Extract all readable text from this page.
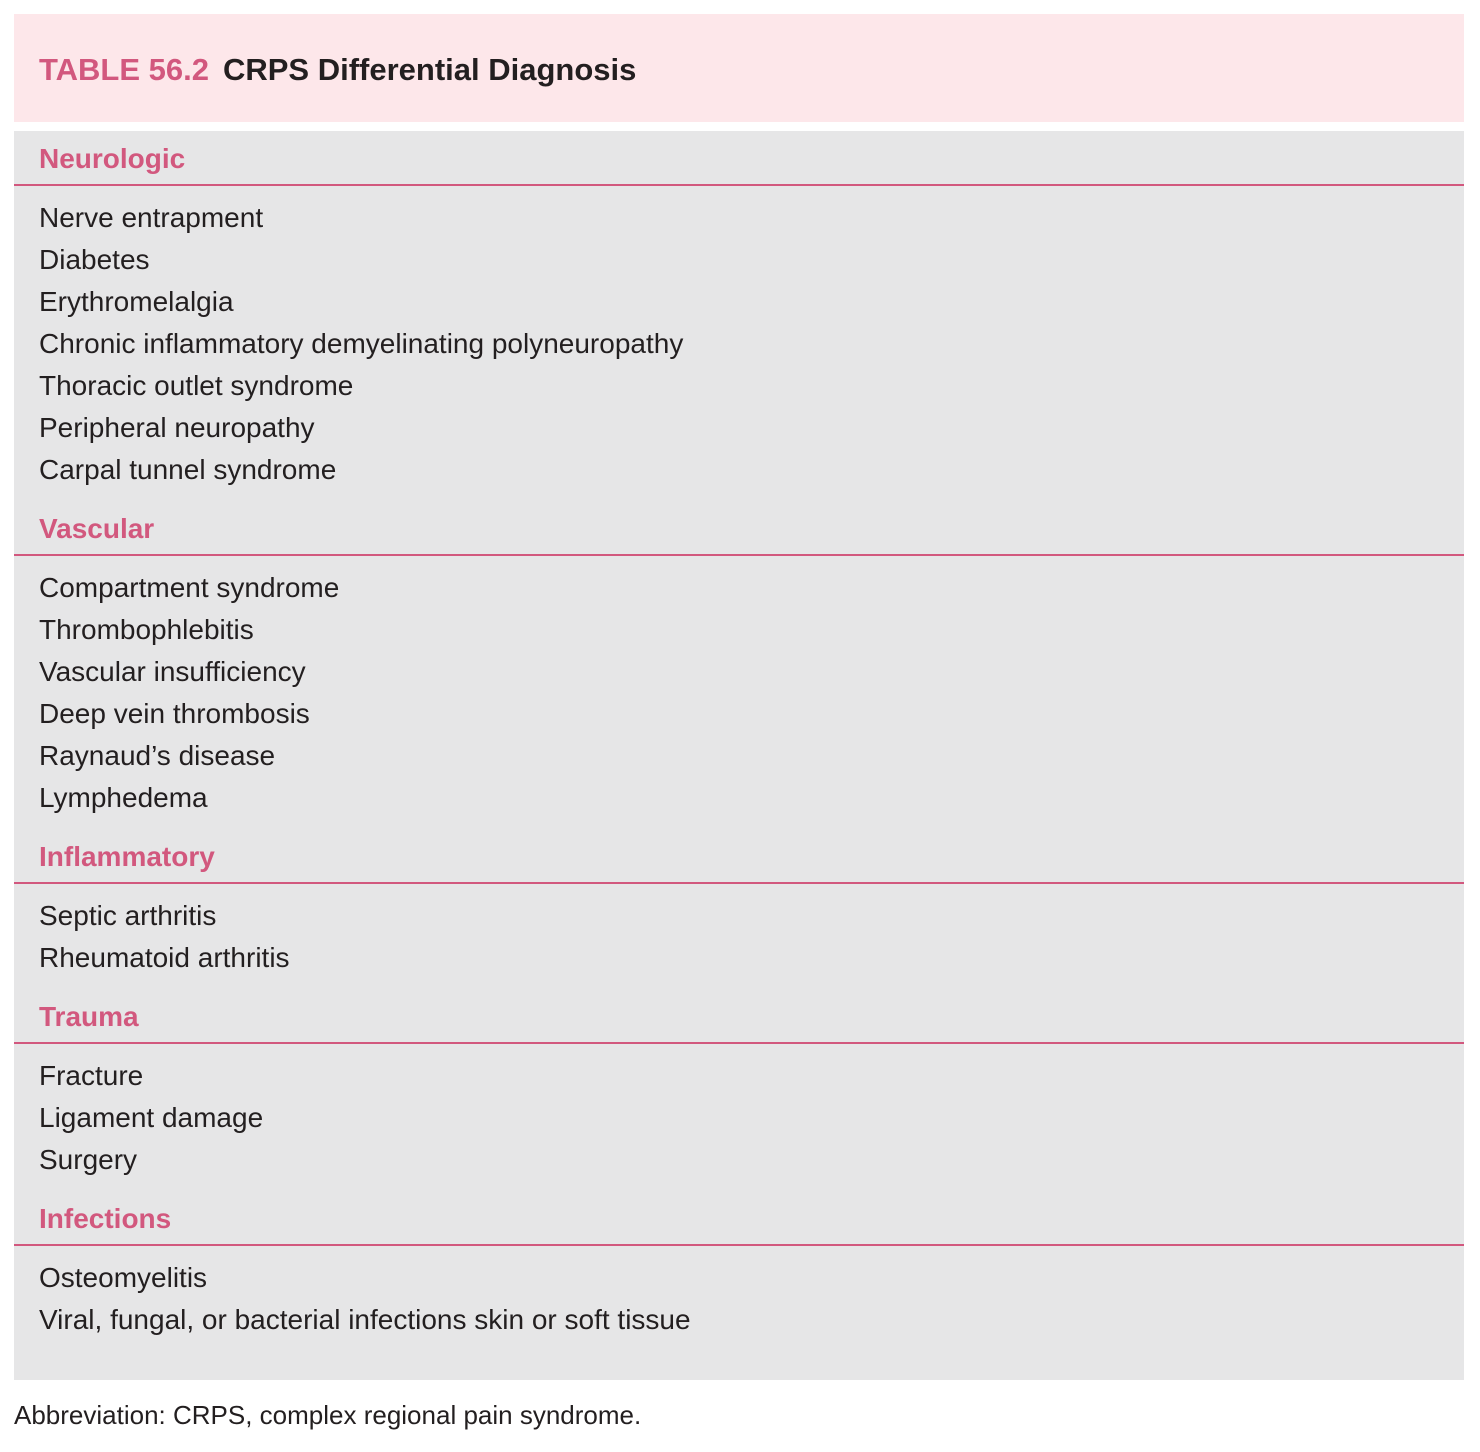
TABLE 56.2 CRPS Differential Diagnosis
Neurologic
Nerve entrapment
Diabetes
Erythromelalgia
Chronic inflammatory demyelinating polyneuropathy
Thoracic outlet syndrome
Peripheral neuropathy
Carpal tunnel syndrome
Vascular
Compartment syndrome
Thrombophlebitis
Vascular insufficiency
Deep vein thrombosis
Raynaud’s disease
Lymphedema
Inflammatory
Septic arthritis
Rheumatoid arthritis
Trauma
Fracture
Ligament damage
Surgery
Infections
Osteomyelitis
Viral, fungal, or bacterial infections skin or soft tissue
Abbreviation: CRPS, complex regional pain syndrome.
